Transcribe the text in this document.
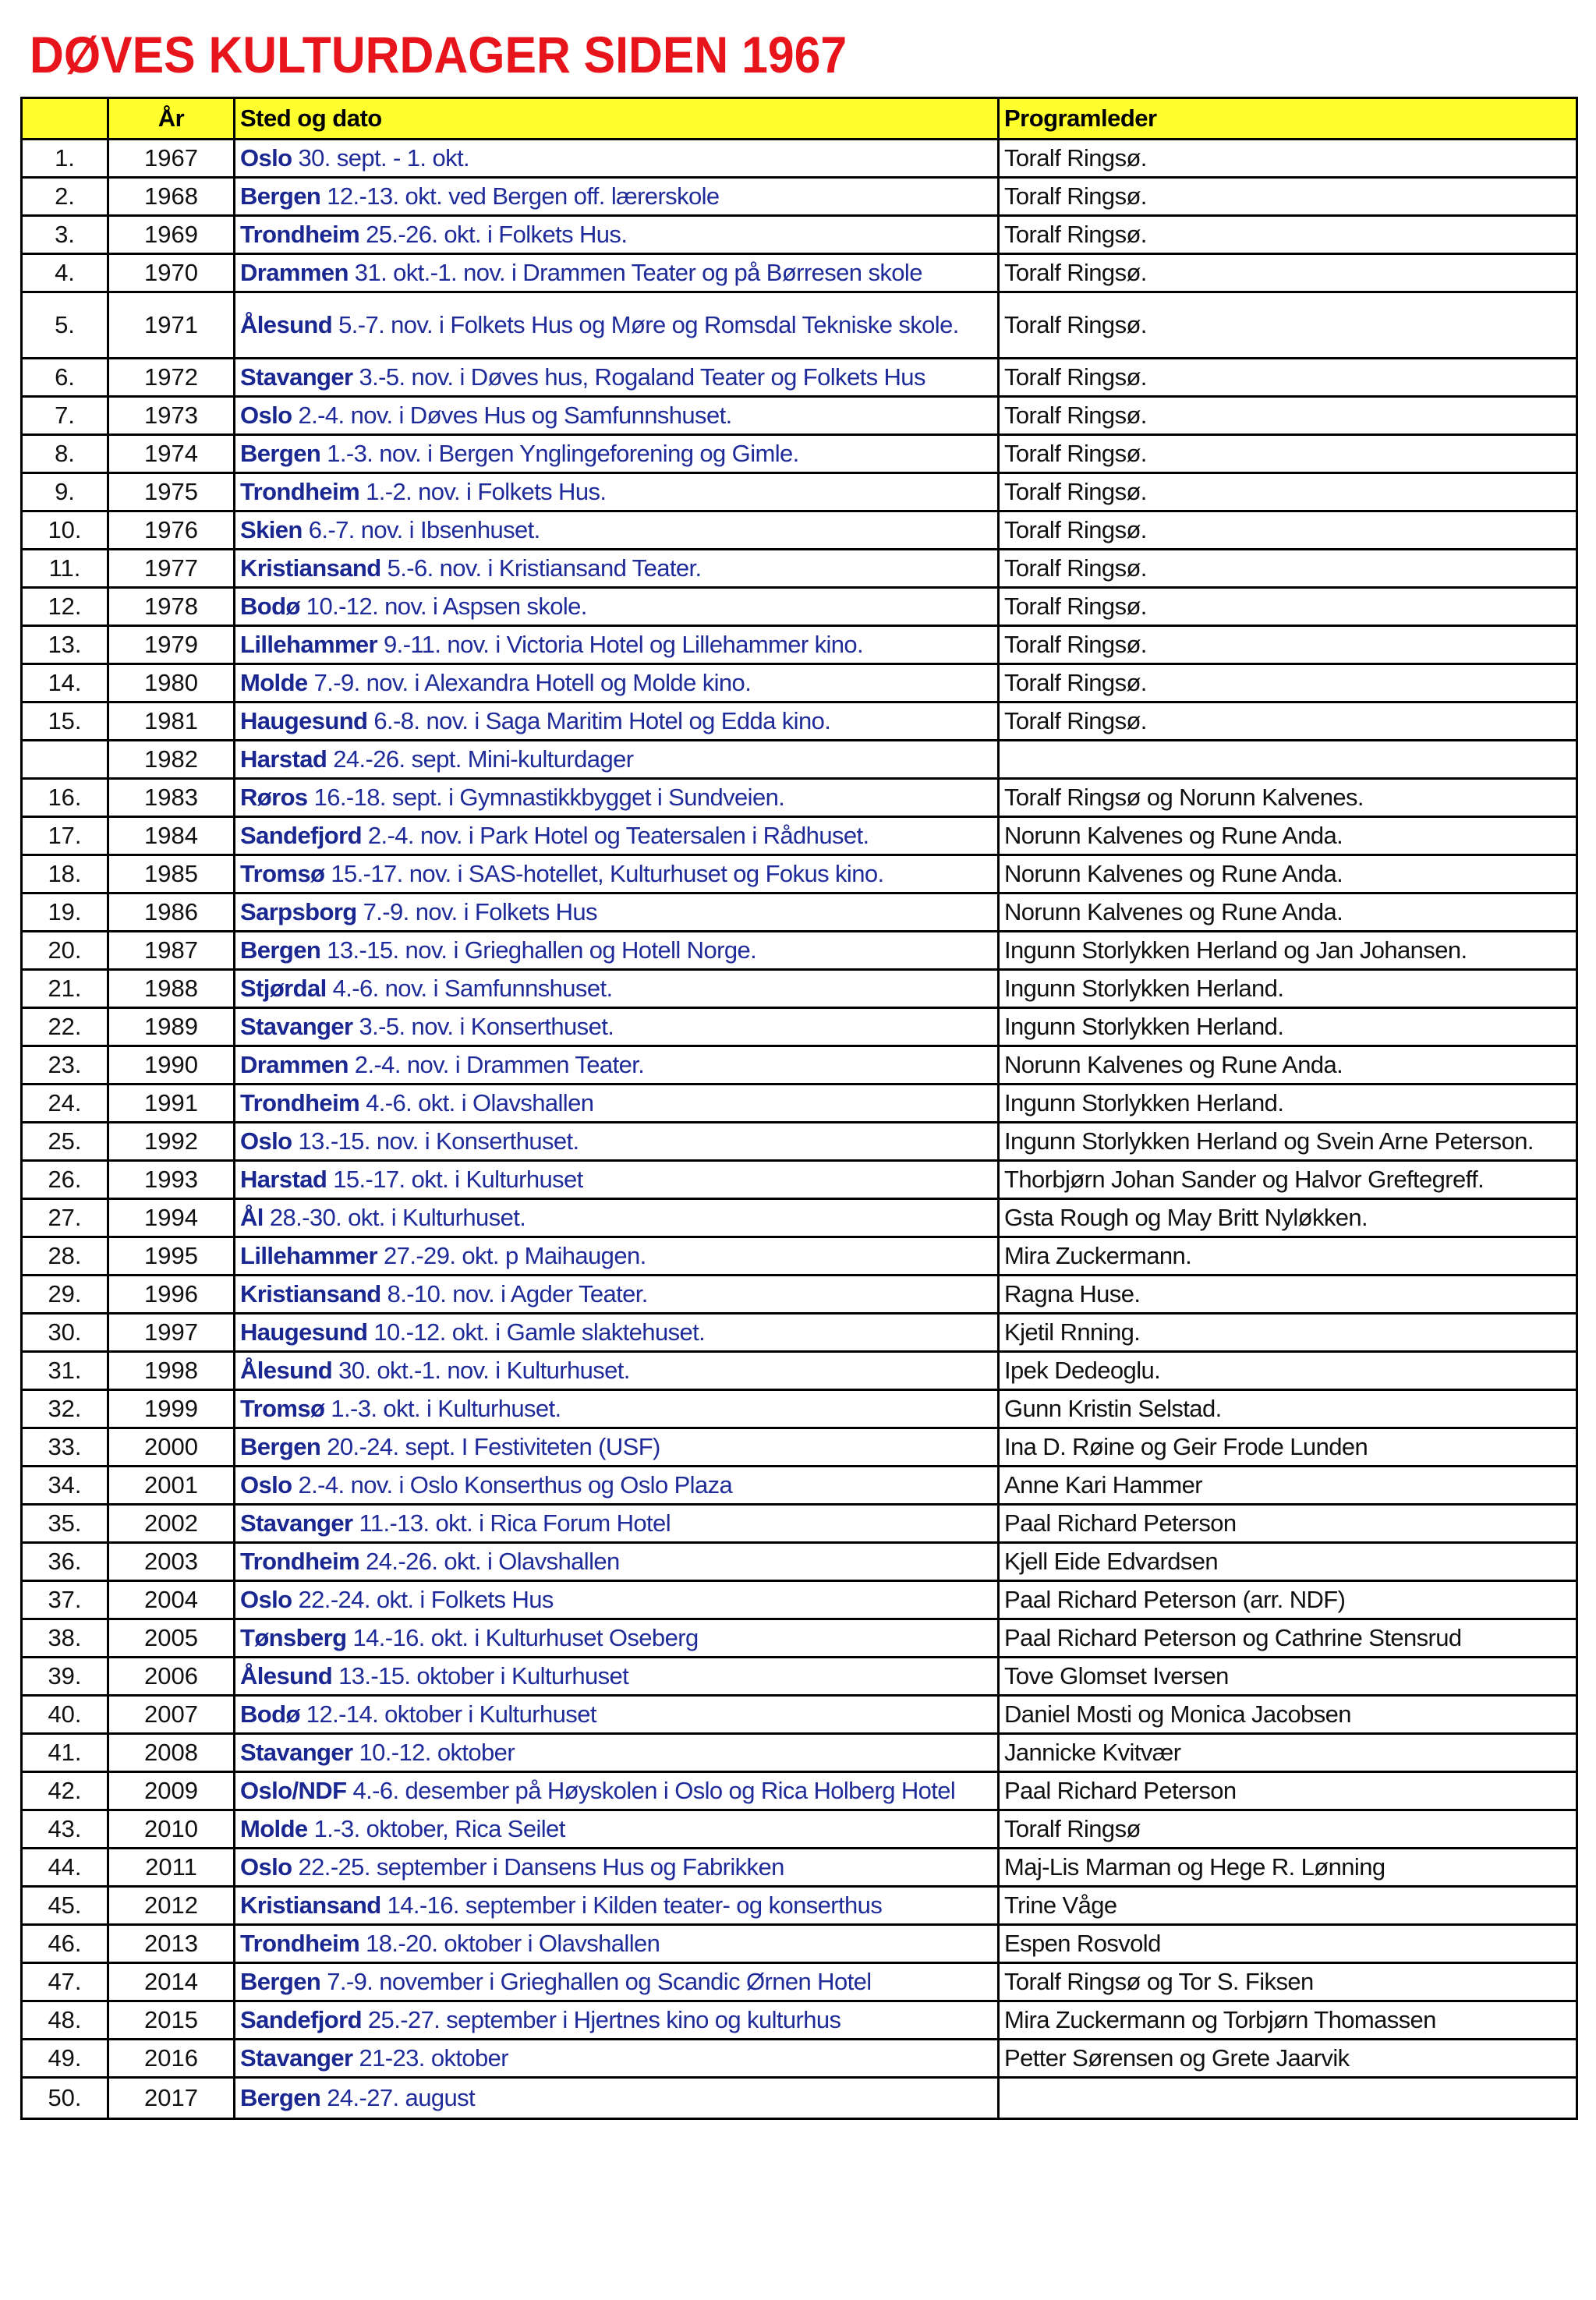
DØVES KULTURDAGER SIDEN 1967
	År	Sted og dato	Programleder
1.	1967	Oslo 30. sept. - 1. okt.	Toralf Ringsø.
2.	1968	Bergen 12.-13. okt. ved Bergen off. lærerskole	Toralf Ringsø.
3.	1969	Trondheim 25.-26. okt. i Folkets Hus.	Toralf Ringsø.
4.	1970	Drammen 31. okt.-1. nov. i Drammen Teater og på Børresen skole	Toralf Ringsø.
5.	1971	Ålesund 5.-7. nov. i Folkets Hus og Møre og Romsdal Tekniske skole.	Toralf Ringsø.
6.	1972	Stavanger 3.-5. nov. i Døves hus, Rogaland Teater og Folkets Hus	Toralf Ringsø.
7.	1973	Oslo 2.-4. nov. i Døves Hus og Samfunnshuset.	Toralf Ringsø.
8.	1974	Bergen 1.-3. nov. i Bergen Ynglingeforening og Gimle.	Toralf Ringsø.
9.	1975	Trondheim 1.-2. nov. i Folkets Hus.	Toralf Ringsø.
10.	1976	Skien 6.-7. nov. i Ibsenhuset.	Toralf Ringsø.
11.	1977	Kristiansand 5.-6. nov. i Kristiansand Teater.	Toralf Ringsø.
12.	1978	Bodø 10.-12. nov. i Aspsen skole.	Toralf Ringsø.
13.	1979	Lillehammer 9.-11. nov. i Victoria Hotel og Lillehammer kino.	Toralf Ringsø.
14.	1980	Molde 7.-9. nov. i Alexandra Hotell og Molde kino.	Toralf Ringsø.
15.	1981	Haugesund 6.-8. nov. i Saga Maritim Hotel og Edda kino.	Toralf Ringsø.
	1982	Harstad 24.-26. sept. Mini-kulturdager	
16.	1983	Røros 16.-18. sept. i Gymnastikkbygget i Sundveien.	Toralf Ringsø og Norunn Kalvenes.
17.	1984	Sandefjord 2.-4. nov. i Park Hotel og Teatersalen i Rådhuset.	Norunn Kalvenes og Rune Anda.
18.	1985	Tromsø 15.-17. nov. i SAS-hotellet, Kulturhuset og Fokus kino.	Norunn Kalvenes og Rune Anda.
19.	1986	Sarpsborg 7.-9. nov. i Folkets Hus	Norunn Kalvenes og Rune Anda.
20.	1987	Bergen 13.-15. nov. i Grieghallen og Hotell Norge.	Ingunn Storlykken Herland og Jan Johansen.
21.	1988	Stjørdal 4.-6. nov. i Samfunnshuset.	Ingunn Storlykken Herland.
22.	1989	Stavanger 3.-5. nov. i Konserthuset.	Ingunn Storlykken Herland.
23.	1990	Drammen 2.-4. nov. i Drammen Teater.	Norunn Kalvenes og Rune Anda.
24.	1991	Trondheim 4.-6. okt. i Olavshallen	Ingunn Storlykken Herland.
25.	1992	Oslo 13.-15. nov. i Konserthuset.	Ingunn Storlykken Herland og Svein Arne Peterson.
26.	1993	Harstad 15.-17. okt. i Kulturhuset	Thorbjørn Johan Sander og Halvor Greftegreff.
27.	1994	Ål 28.-30. okt. i Kulturhuset.	Gsta Rough og May Britt Nyløkken.
28.	1995	Lillehammer 27.-29. okt. p Maihaugen.	Mira Zuckermann.
29.	1996	Kristiansand 8.-10. nov. i Agder Teater.	Ragna Huse.
30.	1997	Haugesund 10.-12. okt. i Gamle slaktehuset.	Kjetil Rnning.
31.	1998	Ålesund 30. okt.-1. nov. i Kulturhuset.	Ipek Dedeoglu.
32.	1999	Tromsø 1.-3. okt. i Kulturhuset.	Gunn Kristin Selstad.
33.	2000	Bergen 20.-24. sept. I Festiviteten (USF)	Ina D. Røine og Geir Frode Lunden
34.	2001	Oslo 2.-4. nov. i Oslo Konserthus og Oslo Plaza	Anne Kari Hammer
35.	2002	Stavanger 11.-13. okt. i Rica Forum Hotel	Paal Richard Peterson
36.	2003	Trondheim 24.-26. okt. i Olavshallen	Kjell Eide Edvardsen
37.	2004	Oslo 22.-24. okt. i Folkets Hus	Paal Richard Peterson (arr. NDF)
38.	2005	Tønsberg 14.-16. okt. i Kulturhuset Oseberg	Paal Richard Peterson og Cathrine Stensrud
39.	2006	Ålesund 13.-15. oktober i Kulturhuset	Tove Glomset Iversen
40.	2007	Bodø 12.-14. oktober i Kulturhuset	Daniel Mosti og Monica Jacobsen
41.	2008	Stavanger 10.-12. oktober	Jannicke Kvitvær
42.	2009	Oslo/NDF 4.-6. desember på Høyskolen i Oslo og Rica Holberg Hotel	Paal Richard Peterson
43.	2010	Molde 1.-3. oktober, Rica Seilet	Toralf Ringsø
44.	2011	Oslo 22.-25. september i Dansens Hus og Fabrikken	Maj-Lis Marman og Hege R. Lønning
45.	2012	Kristiansand 14.-16. september i Kilden teater- og konserthus	Trine Våge
46.	2013	Trondheim 18.-20. oktober i Olavshallen	Espen Rosvold
47.	2014	Bergen 7.-9. november i Grieghallen og Scandic Ørnen Hotel	Toralf Ringsø og Tor S. Fiksen
48.	2015	Sandefjord 25.-27. september i Hjertnes kino og kulturhus	Mira Zuckermann og Torbjørn Thomassen
49.	2016	Stavanger 21-23. oktober	Petter Sørensen og Grete Jaarvik
50.	2017	Bergen 24.-27. august	
